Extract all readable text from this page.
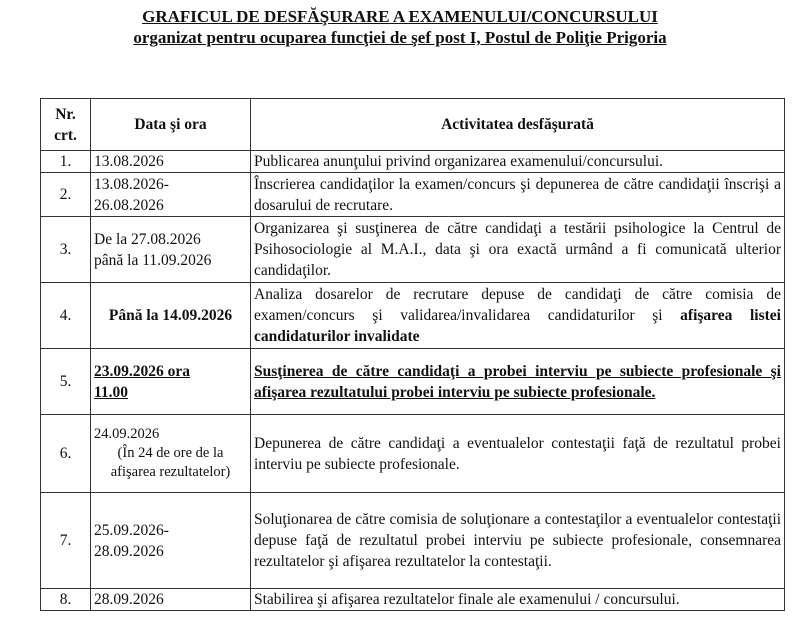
GRAFICUL DE DESFĂŞURARE A EXAMENULUI/CONCURSULUI
organizat pentru ocuparea funcţiei de şef post I, Postul de Poliţie Prigoria
Nr.
crt.	Data şi ora	Activitatea desfăşurată
1.	13.08.2026	Publicarea anunţului privind organizarea examenului/concursului.
2.	13.08.2026-
26.08.2026	Înscrierea candidaţilor la examen/concurs şi depunerea de către candidaţii înscrişi a dosarului de recrutare.
3.	De la 27.08.2026
până la 11.09.2026	Organizarea şi susţinerea de către candidaţi a testării psihologice la Centrul de Psihosociologie al M.A.I., data şi ora exactă urmând a fi comunicată ulterior candidaţilor.
4.	Până la 14.09.2026	Analiza dosarelor de recrutare depuse de candidaţi de către comisia de examen/concurs şi validarea/invalidarea candidaturilor şi afişarea listei candidaturilor invalidate
5.	23.09.2026 ora
11.00	Susţinerea de către candidaţi a probei interviu pe subiecte profesionale şi afişarea rezultatului probei interviu pe subiecte profesionale.
6.	24.09.2026
(În 24 de ore de la
afişarea rezultatelor)	Depunerea de către candidaţi a eventualelor contestaţii faţă de rezultatul probei interviu pe subiecte profesionale.
7.	25.09.2026-
28.09.2026	Soluţionarea de către comisia de soluţionare a contestaţilor a eventualelor contestaţii depuse faţă de rezultatul probei interviu pe subiecte profesionale, consemnarea rezultatelor şi afişarea rezultatelor la contestaţii.
8.	28.09.2026	Stabilirea şi afişarea rezultatelor finale ale examenului / concursului.
